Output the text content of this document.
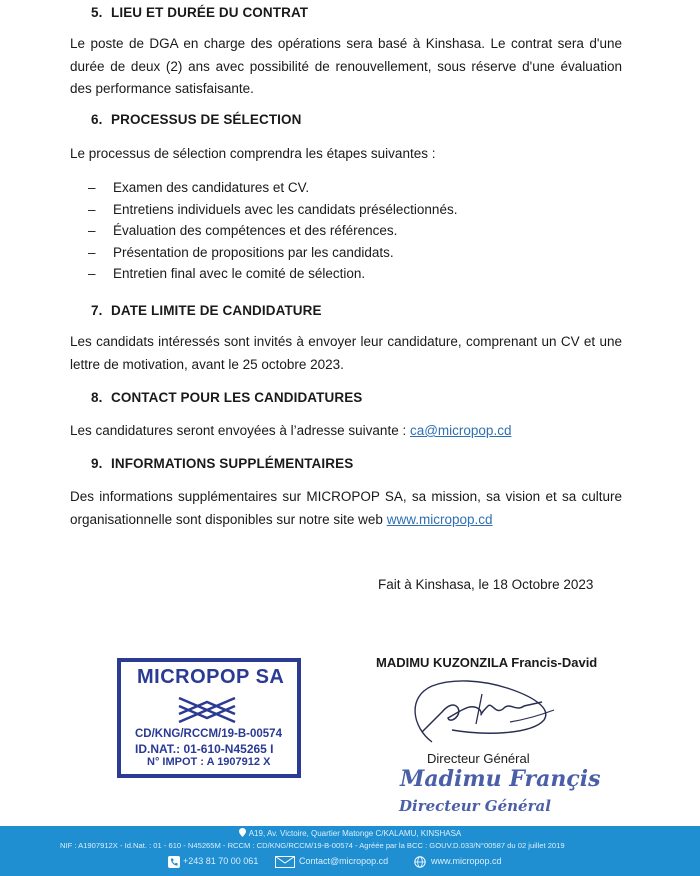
5. LIEU ET DURÉE DU CONTRAT
Le poste de DGA en charge des opérations sera basé à Kinshasa. Le contrat sera d'une durée de deux (2) ans avec possibilité de renouvellement, sous réserve d'une évaluation des performance satisfaisante.
6. PROCESSUS DE SÉLECTION
Le processus de sélection comprendra les étapes suivantes :
– Examen des candidatures et CV.
– Entretiens individuels avec les candidats présélectionnés.
– Évaluation des compétences et des références.
– Présentation de propositions par les candidats.
– Entretien final avec le comité de sélection.
7. DATE LIMITE DE CANDIDATURE
Les candidats intéressés sont invités à envoyer leur candidature, comprenant un CV et une lettre de motivation, avant le 25 octobre 2023.
8. CONTACT POUR LES CANDIDATURES
Les candidatures seront envoyées à l’adresse suivante : ca@micropop.cd
9. INFORMATIONS SUPPLÉMENTAIRES
Des informations supplémentaires sur MICROPOP SA, sa mission, sa vision et sa culture organisationnelle sont disponibles sur notre site web www.micropop.cd
Fait à Kinshasa, le 18 Octobre 2023
MADIMU KUZONZILA Francis-David
Directeur Général
Madimu Françis
Directeur Général
MICROPOP SA
CD/KNG/RCCM/19-B-00574
ID.NAT.: 01-610-N45265 I
N° IMPOT : A 1907912 X
A19, Av. Victoire, Quartier Matonge C/KALAMU, KINSHASA
NIF : A1907912X - Id.Nat. : 01 - 610 - N45265M - RCCM : CD/KNG/RCCM/19-B-00574 - Agréée par la BCC : GOUV.D.033/N°00587 du 02 juillet 2019
+243 81 70 00 061	Contact@micropop.cd	www.micropop.cd
